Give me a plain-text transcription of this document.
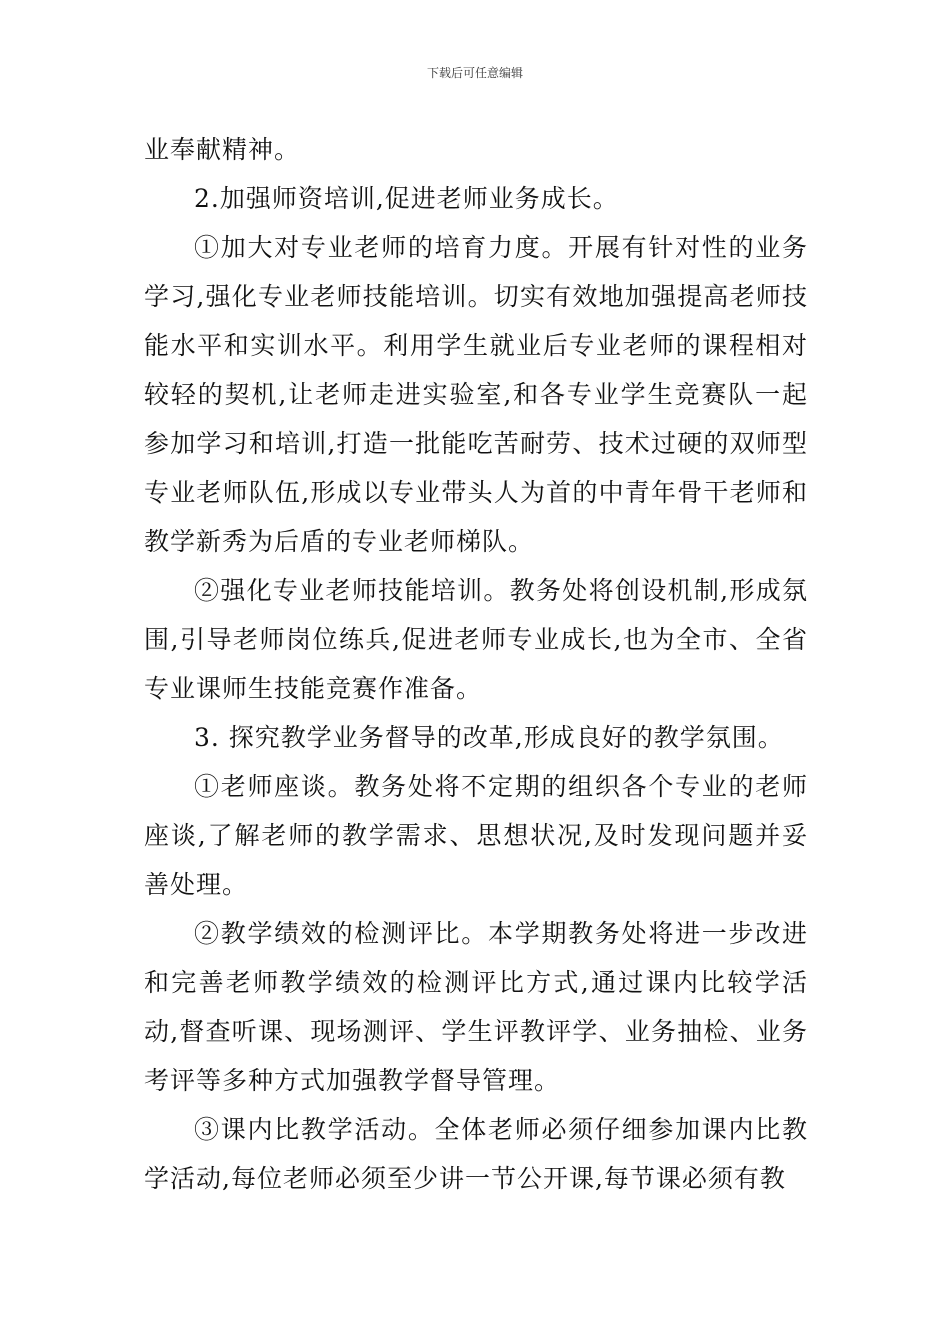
下载后可任意编辑

业奉献精神。

2.加强师资培训,促进老师业务成长。

①加大对专业老师的培育力度。开展有针对性的业务学习,强化专业老师技能培训。切实有效地加强提高老师技能水平和实训水平。利用学生就业后专业老师的课程相对较轻的契机,让老师走进实验室,和各专业学生竞赛队一起参加学习和培训,打造一批能吃苦耐劳、技术过硬的双师型专业老师队伍,形成以专业带头人为首的中青年骨干老师和教学新秀为后盾的专业老师梯队。

②强化专业老师技能培训。教务处将创设机制,形成氛围,引导老师岗位练兵,促进老师专业成长,也为全市、全省专业课师生技能竞赛作准备。

3. 探究教学业务督导的改革,形成良好的教学氛围。

①老师座谈。教务处将不定期的组织各个专业的老师座谈,了解老师的教学需求、思想状况,及时发现问题并妥善处理。

②教学绩效的检测评比。本学期教务处将进一步改进和完善老师教学绩效的检测评比方式,通过课内比较学活动,督查听课、现场测评、学生评教评学、业务抽检、业务考评等多种方式加强教学督导管理。

③课内比教学活动。全体老师必须仔细参加课内比教学活动,每位老师必须至少讲一节公开课,每节课必须有教
